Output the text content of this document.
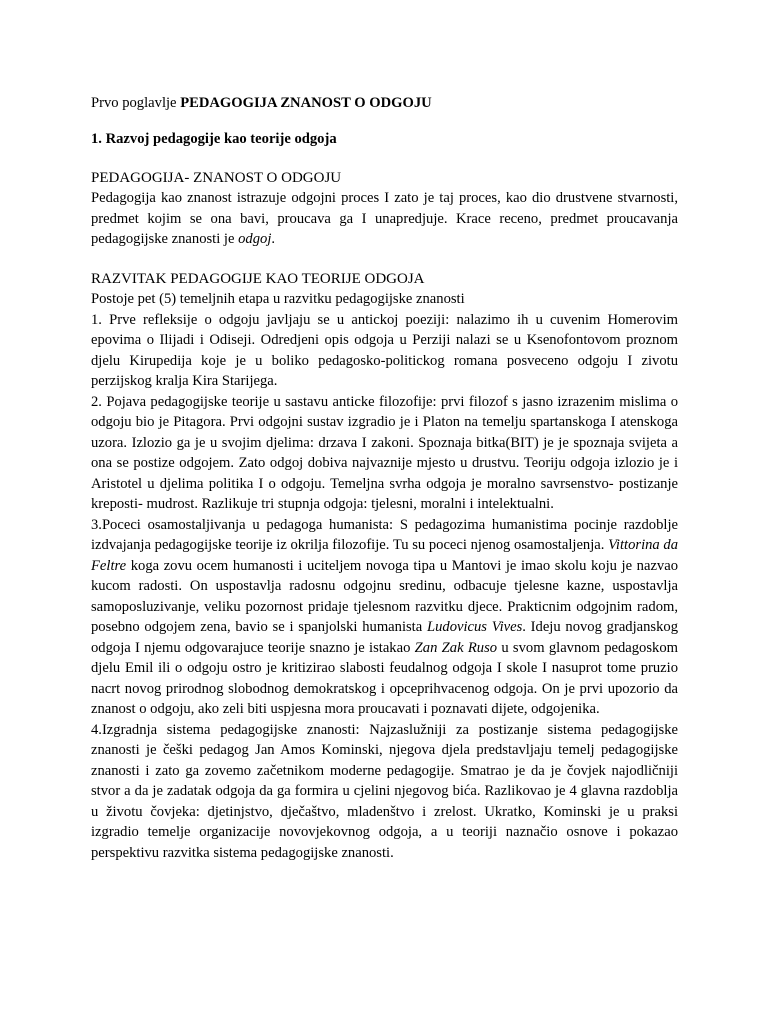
Prvo poglavlje PEDAGOGIJA ZNANOST O ODGOJU
1. Razvoj pedagogije kao teorije odgoja
PEDAGOGIJA- ZNANOST O ODGOJU

Pedagogija kao znanost istrazuje odgojni proces I zato je taj proces, kao dio drustvene stvarnosti, predmet kojim se ona bavi, proucava ga I unapredjuje. Krace receno, predmet proucavanja pedagogijske znanosti je odgoj.

RAZVITAK PEDAGOGIJE KAO TEORIJE ODGOJA

Postoje pet (5) temeljnih etapa u razvitku pedagogijske znanosti

1. Prve refleksije o odgoju javljaju se u antickoj poeziji: nalazimo ih u cuvenim Homerovim epovima o Ilijadi i Odiseji. Odredjeni opis odgoja u Perziji nalazi se u Ksenofontovom proznom djelu Kirupedija koje je u boliko pedagosko-politickog romana posveceno odgoju I zivotu perzijskog kralja Kira Starijega.

2. Pojava pedagogijske teorije u sastavu anticke filozofije: prvi filozof s jasno izrazenim mislima o odgoju bio je Pitagora. Prvi odgojni sustav izgradio je i Platon na temelju spartanskoga I atenskoga uzora. Izlozio ga je u svojim djelima: drzava I zakoni. Spoznaja bitka(BIT) je je spoznaja svijeta a ona se postize odgojem. Zato odgoj dobiva najvaznije mjesto u drustvu. Teoriju odgoja izlozio je i Aristotel u djelima politika I o odgoju. Temeljna svrha odgoja je moralno savrsenstvo- postizanje kreposti- mudrost. Razlikuje tri stupnja odgoja: tjelesni, moralni i intelektualni.

3.Poceci osamostaljivanja u pedagoga humanista: S pedagozima humanistima pocinje razdoblje izdvajanja pedagogijske teorije iz okrilja filozofije. Tu su poceci njenog osamostaljenja. Vittorina da Feltre koga zovu ocem humanosti i uciteljem novoga tipa u Mantovi je imao skolu koju je nazvao kucom radosti. On uspostavlja radosnu odgojnu sredinu, odbacuje tjelesne kazne, uspostavlja samoposluzivanje, veliku pozornost pridaje tjelesnom razvitku djece. Prakticnim odgojnim radom, posebno odgojem zena, bavio se i spanjolski humanista Ludovicus Vives. Ideju novog gradjanskog odgoja I njemu odgovarajuce teorije snazno je istakao Zan Zak Ruso u svom glavnom pedagoskom djelu Emil ili o odgoju ostro je kritizirao slabosti feudalnog odgoja I skole I nasuprot tome pruzio nacrt novog prirodnog slobodnog demokratskog i opceprihvacenog odgoja. On je prvi upozorio da znanost o odgoju, ako zeli biti uspjesna mora proucavati i poznavati dijete, odgojenika.

4.Izgradnja sistema pedagogijske znanosti: Najzaslužniji za postizanje sistema pedagogijske znanosti je češki pedagog Jan Amos Kominski, njegova djela predstavljaju temelj pedagogijske znanosti i zato ga zovemo začetnikom moderne pedagogije. Smatrao je da je čovjek najodličniji stvor a da je zadatak odgoja da ga formira u cjelini njegovog bića. Razlikovao je 4 glavna razdoblja u životu čovjeka: djetinjstvo, dječaštvo, mladenštvo i zrelost. Ukratko, Kominski je u praksi izgradio temelje organizacije novovjekovnog odgoja, a u teoriji naznačio osnove i pokazao perspektivu razvitka sistema pedagogijske znanosti.
